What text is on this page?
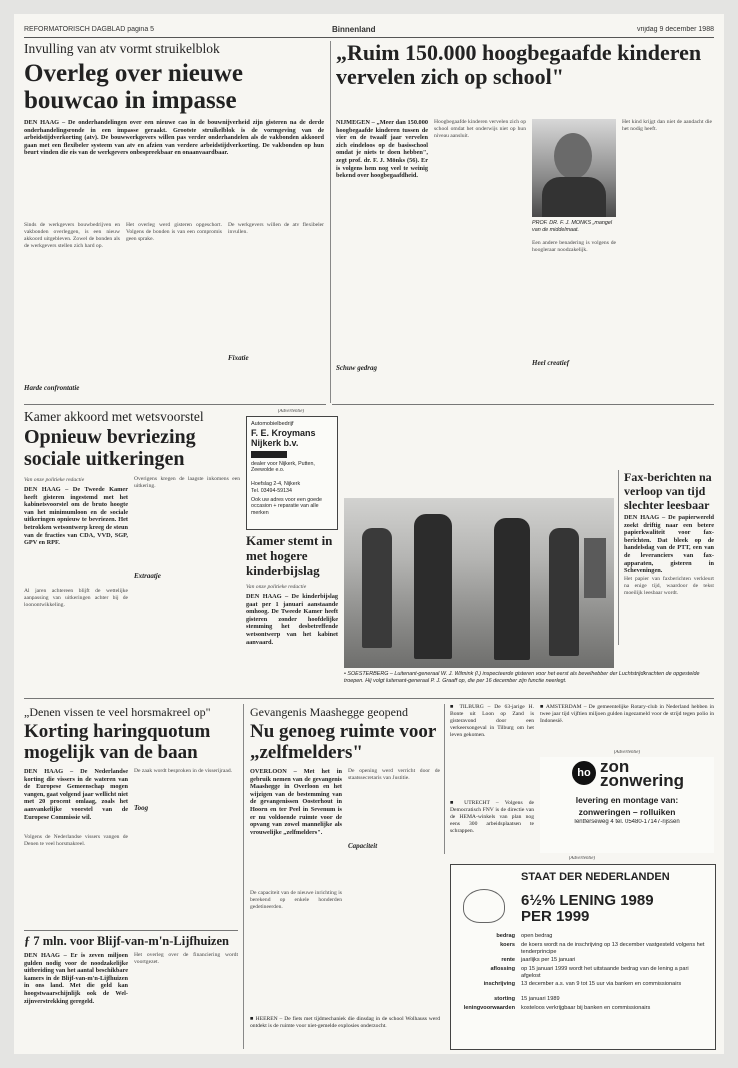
REFORMATORISCH DAGBLAD pagina 5	Binnenland	vrijdag 9 december 1988
Invulling van atv vormt struikelblok
Overleg over nieuwe bouwcao in impasse
DEN HAAG – De onderhandelingen over een nieuwe cao in de bouwnijverheid zijn gisteren na de derde onderhandelingsronde in een impasse geraakt. Grootste struikelblok is de vormgeving van de arbeidstijdverkorting (atv). De bouwwerkgevers willen pas verder onderhandelen als de vakbonden akkoord gaan met een flexibeler systeem van atv en afzien van verdere arbeidstijdverkorting. De vakbonden op hun beurt vinden die eis van de werkgevers onbespreekbaar en onaanvaardbaar.
Sinds de werkgevers bouwbedrijven en vakbonden overleggen, is een nieuw akkoord uitgebleven. Zowel de bonden als de werkgevers stellen zich hard op.
Het overleg werd gisteren opgeschort. Volgens de bonden is van een compromis geen sprake.
De werkgevers willen de atv flexibeler invullen.
Harde confrontatie
Fixatie
„Ruim 150.000 hoogbegaafde kinderen vervelen zich op school"
NIJMEGEN – „Meer dan 150.000 hoogbegaafde kinderen tussen de vier en de twaalf jaar vervelen zich eindeloos op de basisschool omdat je niets te doen hebben", zegt prof. dr. F. J. Mönks (56). Er is volgens hem nog veel te weinig bekend over hoogbegaafdheid.
Hoogbegaafde kinderen vervelen zich op school omdat het onderwijs niet op hun niveau aansluit.
Schuw gedrag
PROF. DR. F. J. MÖNKS „mangel van de middelmaat.
Een andere benadering is volgens de hoogleraar noodzakelijk.
Heel creatief
Het kind krijgt dan niet de aandacht die het nodig heeft.
Kamer akkoord met wetsvoorstel
Opnieuw bevriezing sociale uitkeringen
Van onze politieke redactie
DEN HAAG – De Tweede Kamer heeft gisteren ingestemd met het kabinetsvoorstel om de bruto hoogte van het minimumloon en de sociale uitkeringen opnieuw te bevriezen. Het betrokken wetsontwerp kreeg de steun van de fracties van CDA, VVD, SGP, GPV en RPF.
Al jaren achtereen blijft de wettelijke aanpassing van uitkeringen achter bij de loonontwikkeling.
Overigens kregen de laagste inkomens een uitkering.
Extraatje
(Advertentie)
Automobielbedrijf
F. E. Kroymans Nijkerk b.v.
dealer voor Nijkerk, Putten, Zeewolde e.o.
Hoefslag 2-4, Nijkerk
Tel. 03494-59134
Ook uw adres voor een goede occasion + reparatie van alle merken
Kamer stemt in met hogere kinderbijslag
Van onze politieke redactie
DEN HAAG – De kinderbijslag gaat per 1 januari aanstaande omhoog. De Tweede Kamer heeft gisteren zonder hoofdelijke stemming het desbetreffende wetsontwerp van het kabinet aanvaard.
Fax-berichten na verloop van tijd slechter leesbaar
DEN HAAG – De papierwereld zoekt driftig naar een betere papierkwaliteit voor fax-berichten. Dat bleek op de handelsdag van de PTT, een van de leveranciers van fax-apparaten, gisteren in Scheveningen.
Het papier van faxberichten verkleurt na enige tijd, waardoor de tekst moeilijk leesbaar wordt.
• SOESTERBERG – Luitenant-generaal W. J. Wilmink (l.) inspecteerde gisteren voor het eerst als bevelhebber der Luchtstrijdkrachten de opgestelde troepen. Hij volgt luitenant-generaal P. J. Graaff op, die per 16 december zijn functie neerlegt.
„Denen vissen te veel horsmakreel op"
Korting haringquotum mogelijk van de baan
DEN HAAG – De Nederlandse korting die vissers in de wateren van de Europese Gemeenschap mogen vangen, gaat volgend jaar wellicht niet met 20 procent omlaag, zoals het aanvankelijke voorstel van de Europese Commissie wil.
Volgens de Nederlandse vissers vangen de Denen te veel horsmakreel.
De zaak wordt besproken in de visserijraad.
Toog
ƒ 7 mln. voor Blijf-van-m'n-Lijfhuizen
DEN HAAG – Er is zeven miljoen gulden nodig voor de noodzakelijke uitbreiding van het aantal beschikbare kamers in de Blijf-van-m'n-Lijfhuizen in ons land. Met die geld kan hoogstwaarschijnlijk ook de Wel-zijnverstrekking geregeld.
Het overleg over de financiering wordt voortgezet.
Gevangenis Maashegge geopend
Nu genoeg ruimte voor „zelfmelders"
OVERLOON – Met het in gebruik nemen van de gevangenis Maashegge in Overloon en het wijzigen van de bestemming van de gevangenissen Oosterhout in Hoorn en ter Peel in Sevenum is er nu voldoende ruimte voor de opvang van zowel mannelijke als vrouwelijke „zelfmelders".
De capaciteit van de nieuwe inrichting is berekend op enkele honderden gedetineerden.
De opening werd verricht door de staatssecretaris van Justitie.
Capaciteit
■ HEEREN – De fiets met tijdmechaniek die dinsdag in de school Wolhauss werd ontdekt is de ruimte voor niet-gemelde explosies onderzocht.
■ TILBURG – De 63-jarige H. Bonte uit Loon op Zand is gisteravond door een verkeersongeval in Tilburg om het leven gekomen.
■ UTRECHT – Volgens de Democratisch FNV is de directie van de HEMA-winkels van plan nog eens 300 arbeidsplaatsen te schrappen.
■ AMSTERDAM – De gemeentelijke Rotary-club in Nederland hebben in twee jaar tijd vijftien miljoen gulden ingezameld voor de strijd tegen polio in Indonesië.
(Advertentie)
ho zon
zonwering
levering en montage van:
zonweringen – rolluiken
Ientferseweg 4 tel. 05480-17147-rijssen
(Advertentie)
STAAT DER NEDERLANDEN
6½% LENING 1989
PER 1999
bedrag open bedrag
koers de koers wordt na de inschrijving op 13 december vastgesteld volgens het tenderprincipe
rente jaarlijks per 15 januari
aflossing op 15 januari 1999 wordt het uitstaande bedrag van de lening a pari afgelost
inschrijving 13 december a.s. van 9 tot 15 uur via banken en commissionairs
storting 15 januari 1989
leningvoorwaarden kosteloos verkrijgbaar bij banken en commissionairs
